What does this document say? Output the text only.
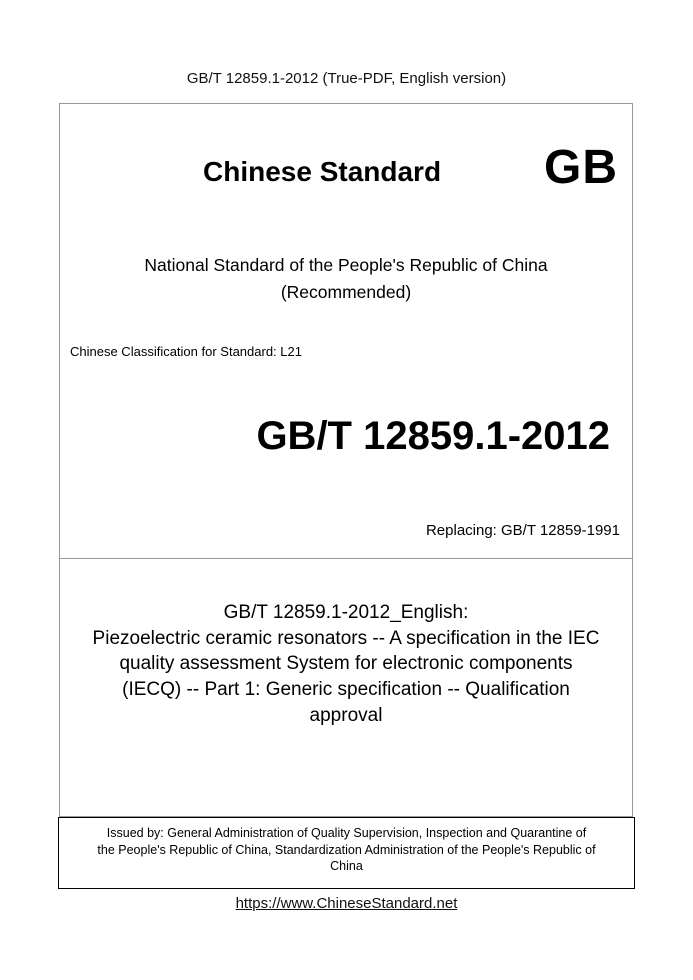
GB/T 12859.1-2012 (True-PDF, English version)
Chinese Standard GB
National Standard of the People's Republic of China
(Recommended)
Chinese Classification for Standard: L21
GB/T 12859.1-2012
Replacing: GB/T 12859-1991
GB/T 12859.1-2012_English:
Piezoelectric ceramic resonators -- A specification in the IEC
quality assessment System for electronic components
(IECQ) -- Part 1: Generic specification -- Qualification
approval
Issued by: General Administration of Quality Supervision, Inspection and Quarantine of
the People's Republic of China, Standardization Administration of the People's Republic of
China
https://www.ChineseStandard.net
